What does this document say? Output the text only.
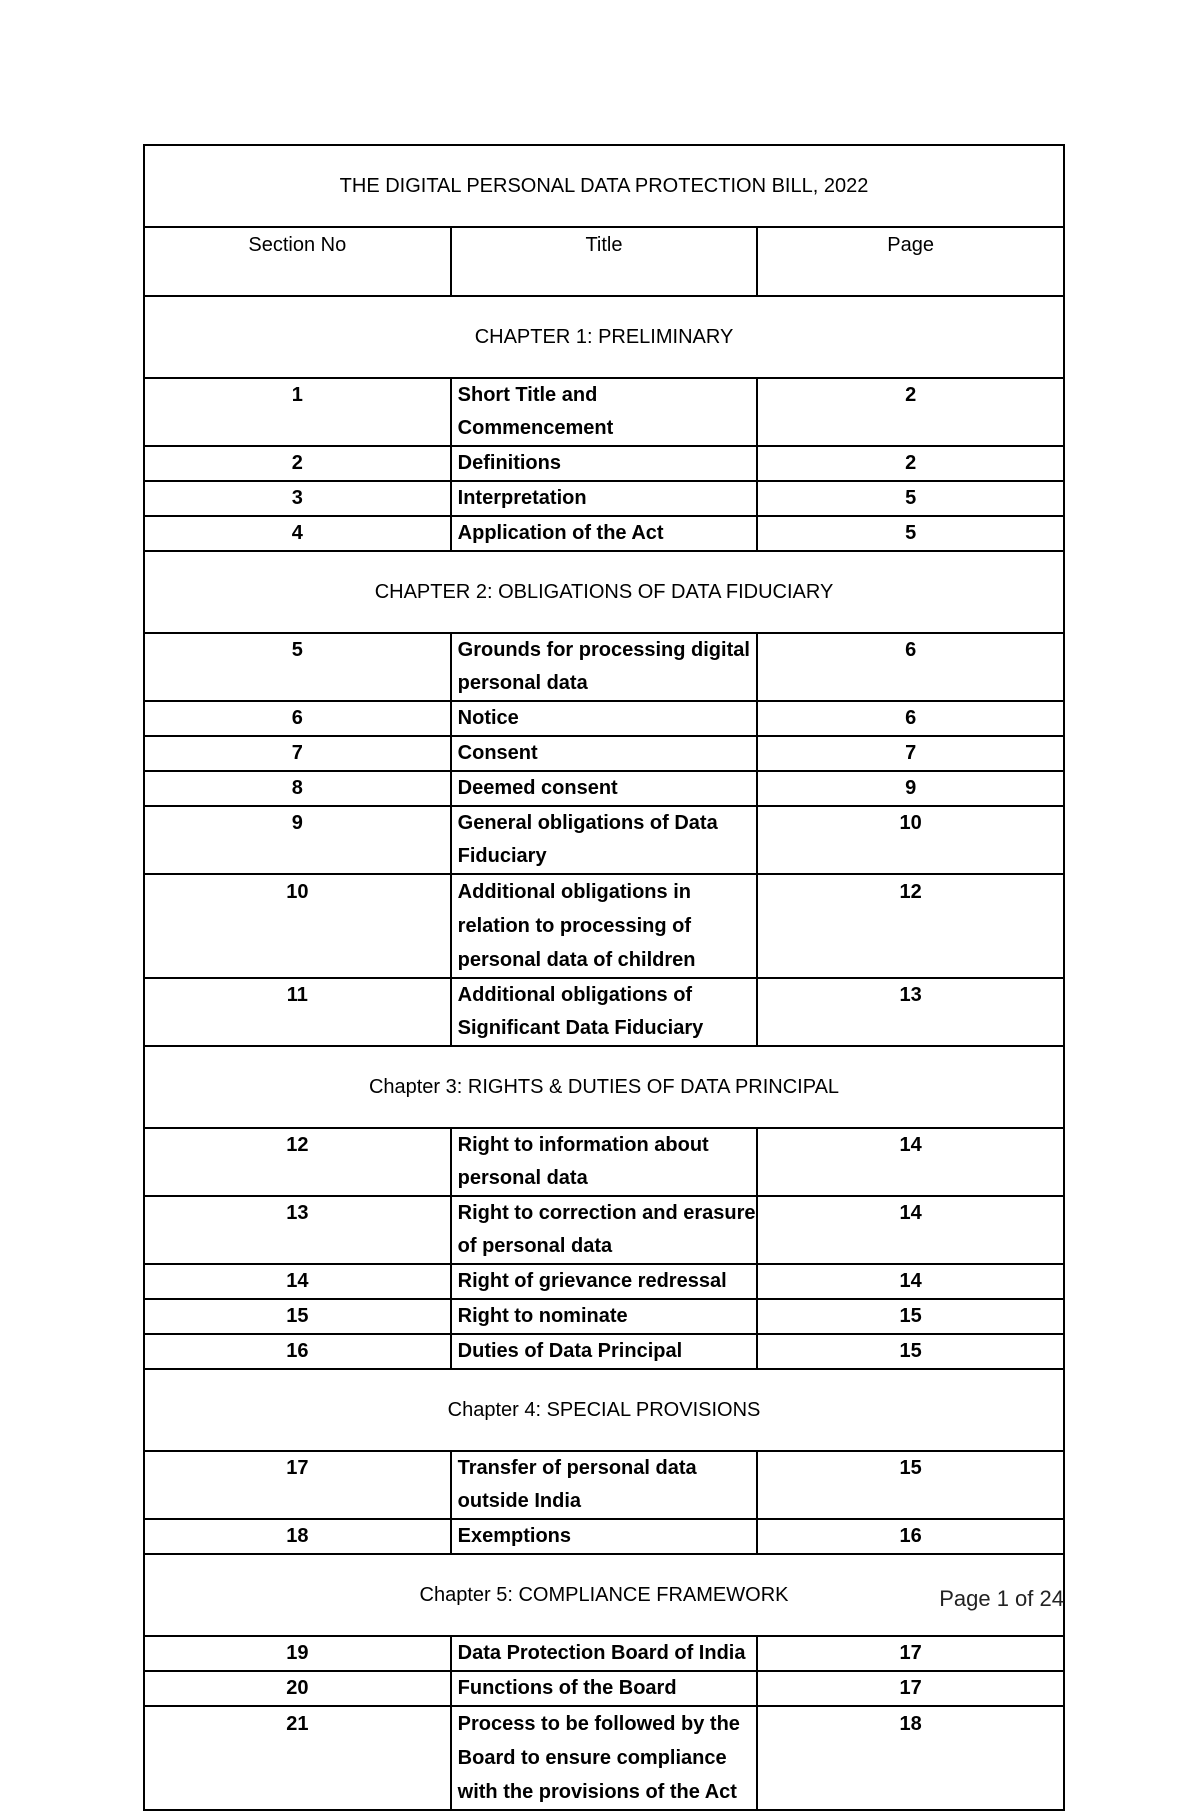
THE DIGITAL PERSONAL DATA PROTECTION BILL, 2022		

Section No	Title	Page
CHAPTER 1: PRELIMINARY		
1	Short Title and Commencement	2
2	Definitions	2
3	Interpretation	5
4	Application of the Act	5
CHAPTER 2: OBLIGATIONS OF DATA FIDUCIARY		
5	Grounds for processing digital personal data	6
6	Notice	6
7	Consent	7
8	Deemed consent	9
9	General obligations of Data Fiduciary	10
10	Additional obligations in relation to processing of personal data of children	12
11	Additional obligations of Significant Data Fiduciary	13
Chapter 3: RIGHTS & DUTIES OF DATA PRINCIPAL		
12	Right to information about personal data	14
13	Right to correction and erasure of personal data	14
14	Right of grievance redressal	14
15	Right to nominate	15
16	Duties of Data Principal	15
Chapter 4: SPECIAL PROVISIONS		
17	Transfer of personal data outside India	15
18	Exemptions	16
Chapter 5: COMPLIANCE FRAMEWORK		
19	Data Protection Board of India	17
20	Functions of the Board	17
21	Process to be followed by the Board to ensure compliance with the provisions of the Act	18
Page 1 of 24
